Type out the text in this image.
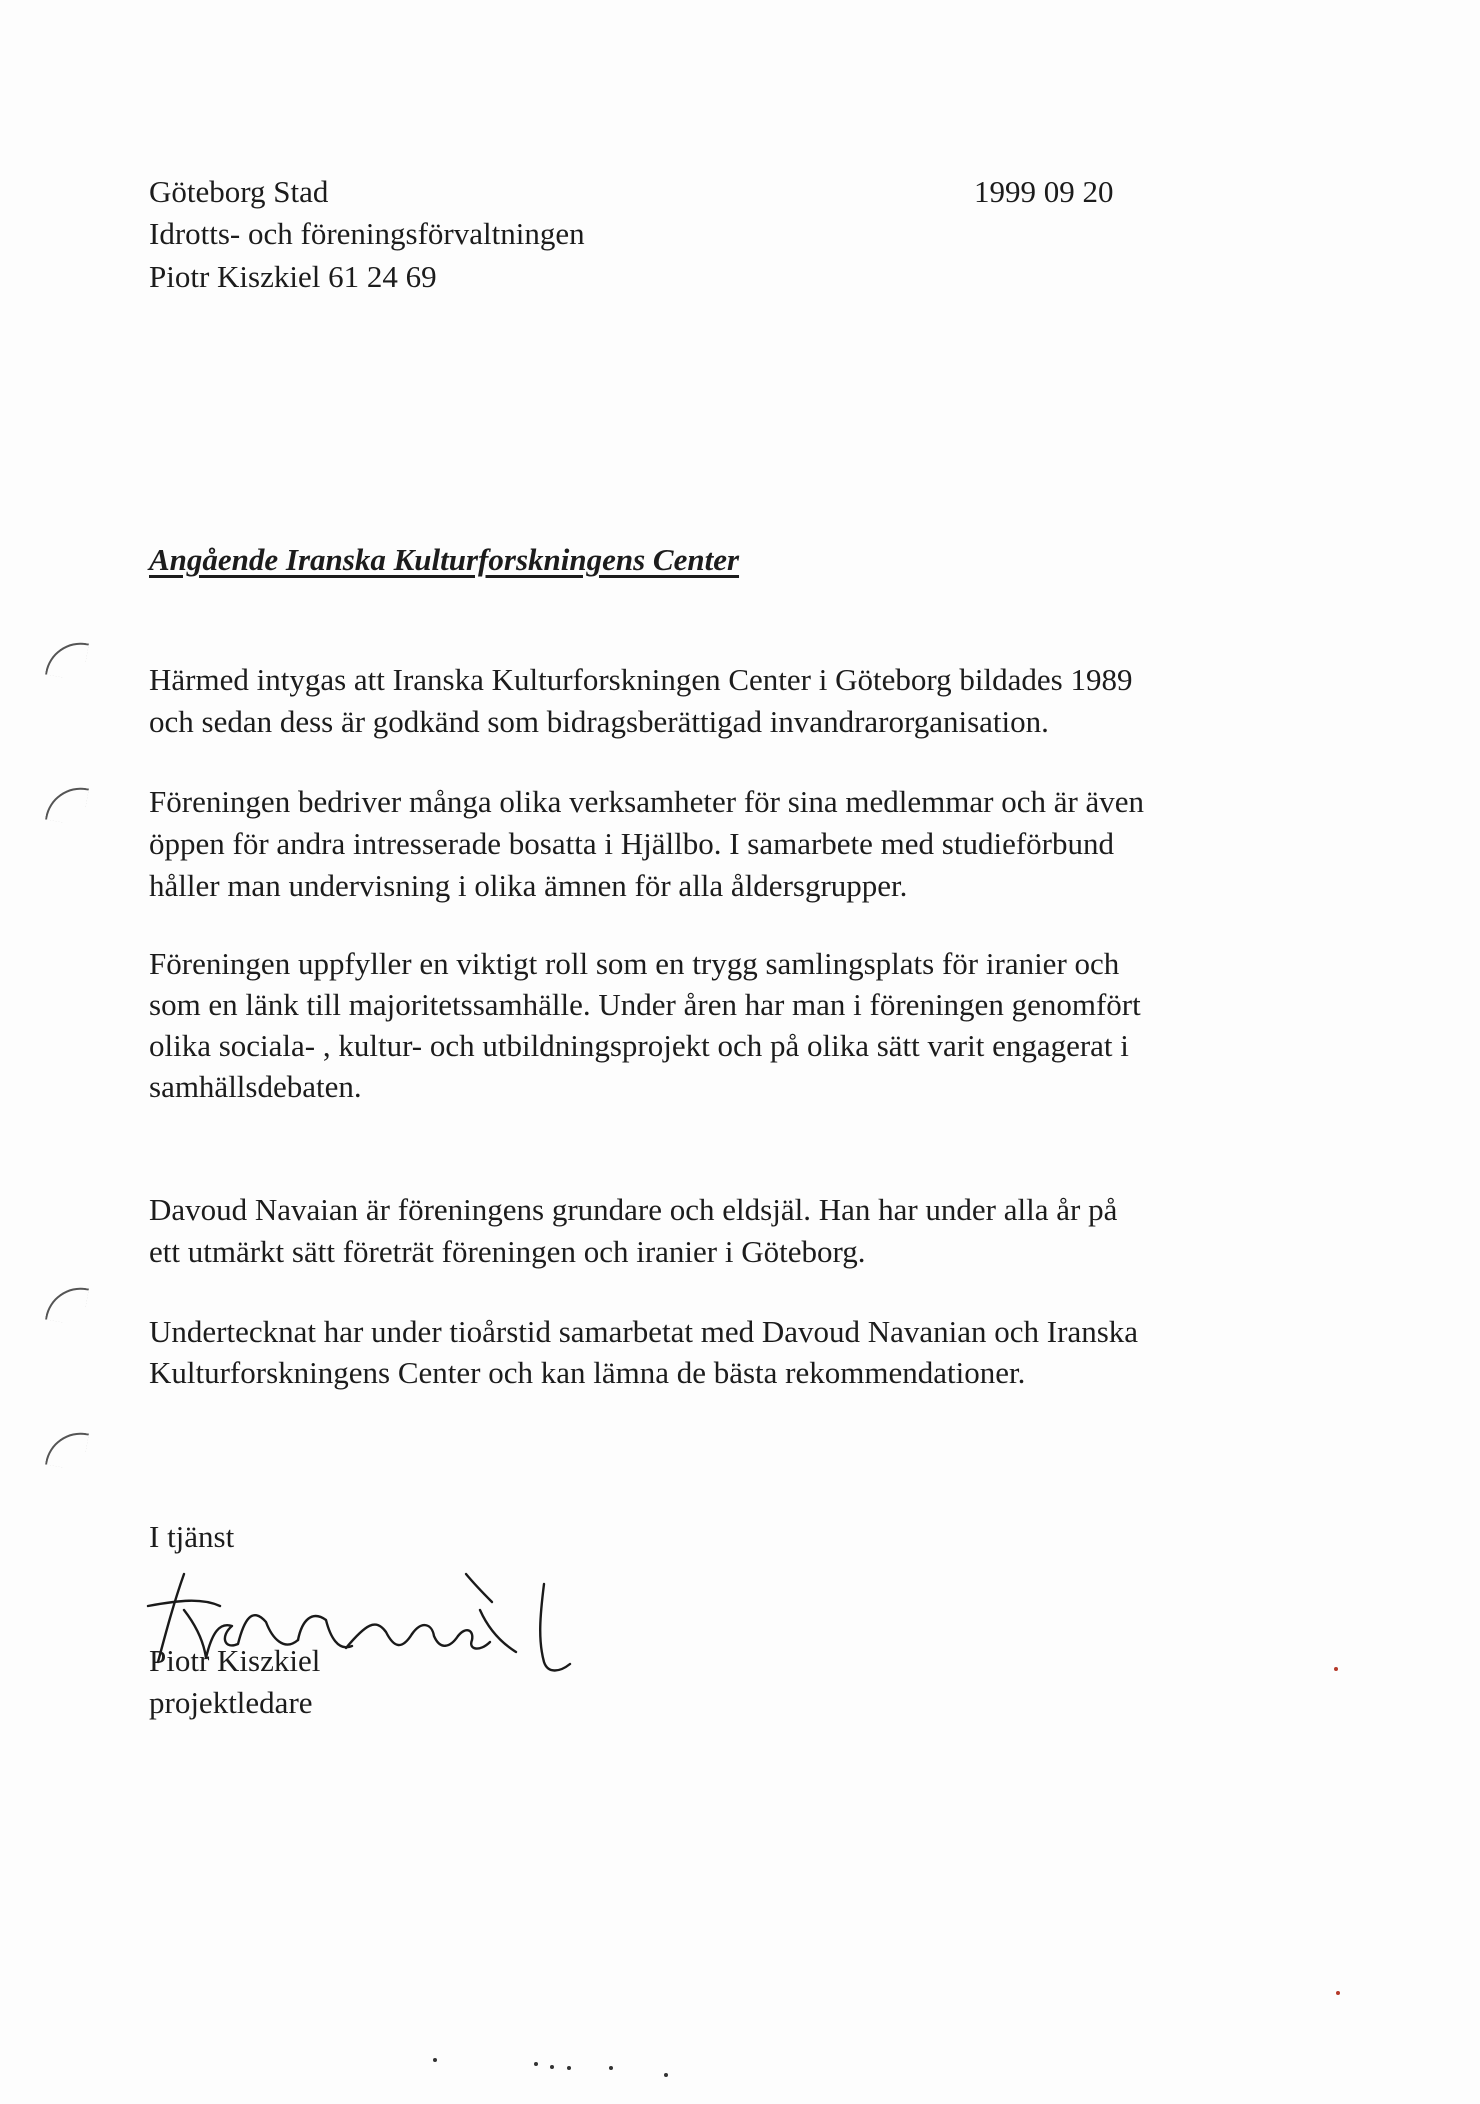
Göteborg Stad
Idrotts- och föreningsförvaltningen
Piotr Kiszkiel 61 24 69
1999 09 20
Angående Iranska Kulturforskningens Center
Härmed intygas att Iranska Kulturforskningen Center i Göteborg bildades 1989
och sedan dess är godkänd som bidragsberättigad invandrarorganisation.
Föreningen bedriver många olika verksamheter för sina medlemmar och är även
öppen för andra intresserade bosatta i Hjällbo. I samarbete med studieförbund
håller man undervisning i olika ämnen för alla åldersgrupper.
Föreningen uppfyller en viktigt roll som en trygg samlingsplats för iranier och
som en länk till majoritetssamhälle. Under åren har man i föreningen genomfört
olika sociala- , kultur- och utbildningsprojekt och på olika sätt varit engagerat i
samhällsdebaten.
Davoud Navaian är föreningens grundare och eldsjäl. Han har under alla år på
ett utmärkt sätt företrät föreningen och iranier i Göteborg.
Undertecknat har under tioårstid samarbetat med Davoud Navanian och Iranska
Kulturforskningens Center och kan lämna de bästa rekommendationer.
I tjänst
Piotr Kiszkiel
projektledare
